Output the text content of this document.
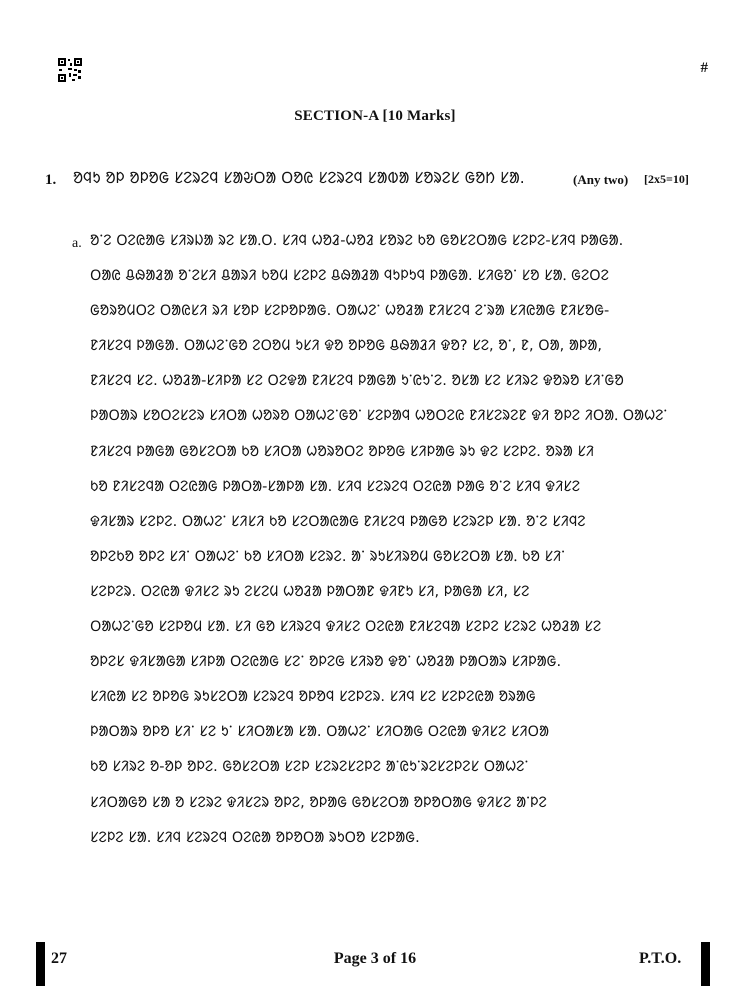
#
SECTION-A [10 Marks]
1. ᱚᱧᱩ ᱚᱞ ᱚᱞᱚᱜ ᱥᱮᱨᱮᱧ ᱥᱟᱶᱛᱟ ᱛᱚᱭ ᱥᱮᱨᱮᱧ ᱥᱟᱵᱟ ᱥᱚᱨᱮᱥ ᱜᱚᱴ ᱥᱟ.	(Any two) [2x5=10]
a. ᱚᱸᱮ ᱛᱮᱭᱟᱜ ᱥᱤᱨᱡᱟ ᱨᱮ ᱥᱟᱹᱛ. ᱥᱤᱧ ᱦᱚᱲ-ᱦᱚᱲ ᱥᱚᱨᱮ ᱠᱚ ᱜᱚᱥᱮᱛᱟᱜ ᱥᱮᱞᱮ-ᱥᱤᱧ ᱞᱟᱜᱟ.
ᱛᱟᱭ ᱪᱷᱟᱲᱟ ᱚᱸᱮᱥᱤ ᱪᱟᱨᱤ ᱠᱚᱢ ᱥᱮᱞᱮ ᱪᱷᱟᱲᱟ ᱧᱩᱞᱩᱧ ᱞᱟᱜᱟ. ᱥᱤᱜᱚᱸ ᱥᱚ ᱥᱟᱹ ᱜᱮᱛᱮ
ᱜᱚᱨᱚᱢᱛᱮ ᱛᱟᱭᱥᱤ ᱨᱤ ᱥᱚᱞ ᱥᱮᱞᱚᱞᱟᱜ. ᱛᱟᱦᱮᱸ ᱦᱚᱲᱟ ᱱᱤᱥᱮᱧ ᱮᱸᱨᱟ ᱥᱤᱭᱟᱜ ᱱᱤᱥᱚᱜ-
ᱱᱤᱥᱮᱧ ᱞᱟᱜᱟ. ᱛᱟᱦᱮᱸᱜᱚ ᱮᱛᱚᱢ ᱩᱥᱤ ᱫᱚ ᱚᱞᱚᱜ ᱪᱷᱟᱲᱤ ᱫᱚ? ᱥᱮ, ᱚᱸ, ᱱ, ᱛᱟ, ᱟᱞᱟ,
ᱱᱤᱥᱮᱧ ᱥᱮ. ᱦᱚᱲᱟ-ᱥᱤᱞᱟ ᱥᱮ ᱛᱮᱫᱟ ᱱᱤᱥᱮᱧ ᱞᱟᱜᱟ ᱩᱸᱭᱩᱸᱮ. ᱚᱥᱟ ᱥᱮ ᱥᱤᱨᱮ ᱫᱚᱨᱚ ᱥᱤᱸᱜᱚ
ᱞᱟᱛᱟᱨ ᱥᱚᱛᱮᱥᱮᱨ ᱥᱤᱛᱟ ᱦᱚᱨᱚ ᱛᱟᱦᱮᱸᱜᱚᱸ ᱥᱮᱞᱟᱧ ᱦᱚᱛᱮᱭ ᱱᱤᱥᱮᱨᱮᱱ ᱫᱤ ᱚᱞᱮ ᱤᱛᱟᱹ ᱛᱟᱦᱮᱸ
ᱱᱤᱥᱮᱧ ᱞᱟᱜᱟ ᱜᱚᱥᱮᱛᱟ ᱠᱚ ᱥᱤᱛᱟ ᱦᱚᱨᱚᱛᱮ ᱚᱞᱚᱜ ᱥᱤᱞᱟᱜ ᱨᱩ ᱫᱮ ᱥᱮᱞᱮ. ᱚᱨᱟ ᱥᱤ
ᱠᱚ ᱱᱤᱥᱮᱧᱟ ᱛᱮᱭᱟᱜ ᱞᱟᱛᱟ-ᱥᱟᱞᱟ ᱥᱟ. ᱥᱤᱧ ᱥᱮᱨᱮᱧ ᱛᱮᱭᱟ ᱞᱟᱜ ᱚᱸᱮ ᱥᱤᱧ ᱫᱤᱥᱮ
ᱫᱤᱥᱟᱨ ᱥᱮᱞᱮ. ᱛᱟᱦᱮᱸ ᱥᱤᱥᱤ ᱠᱚ ᱥᱮᱛᱟᱭᱟᱜ ᱱᱤᱥᱮᱧ ᱞᱟᱜᱚ ᱥᱮᱨᱮᱞ ᱥᱟ. ᱚᱸᱮ ᱥᱤᱧᱮ
ᱚᱞᱮᱠᱚ ᱚᱞᱮ ᱥᱤᱸ ᱛᱟᱦᱮᱸ ᱠᱚ ᱥᱤᱛᱟ ᱥᱮᱨᱮ. ᱟᱸ ᱨᱩᱥᱤᱨᱚᱢ ᱜᱚᱥᱮᱛᱟ ᱥᱟᱹ ᱠᱚ ᱥᱤᱸ
ᱥᱮᱞᱮᱨ. ᱛᱮᱭᱟ ᱫᱤᱥᱮ ᱨᱩ ᱮᱥᱮᱢ ᱦᱚᱲᱟ ᱞᱟᱛᱟᱱ ᱫᱤᱱᱩ ᱥᱤ, ᱞᱟᱜᱟ ᱥᱤ, ᱥᱮ
ᱛᱟᱦᱮᱸᱜᱚ ᱥᱮᱞᱚᱢ ᱥᱟ. ᱥᱤ ᱜᱚ ᱥᱤᱨᱮᱧ ᱫᱤᱥᱮ ᱛᱮᱭᱟ ᱱᱤᱥᱮᱧᱟ ᱥᱮᱞᱮ ᱥᱮᱨᱮ ᱦᱚᱲᱟ ᱥᱮ
ᱚᱞᱮᱥ ᱫᱤᱥᱟᱜᱟ ᱥᱤᱞᱟ ᱛᱮᱭᱟᱜ ᱥᱮᱸ ᱚᱞᱮᱜ ᱥᱤᱨᱚ ᱫᱚᱸ ᱦᱚᱲᱟ ᱞᱟᱛᱟᱨ ᱥᱤᱞᱟᱜ.
ᱥᱤᱭᱟ ᱥᱮ ᱚᱞᱚᱜ ᱨᱩᱥᱮᱛᱟ ᱥᱮᱨᱮᱧ ᱚᱞᱚᱧ ᱥᱮᱞᱮᱨ. ᱥᱤᱧ ᱥᱮ ᱥᱮᱞᱮᱭᱟ ᱚᱨᱟᱜ
ᱞᱟᱛᱟᱨ ᱚᱞᱚ ᱥᱤᱸ ᱥᱮ ᱩᱸ ᱥᱤᱛᱟᱥᱟ ᱥᱟ. ᱛᱟᱦᱮᱸ ᱥᱤᱛᱟᱜ ᱛᱮᱭᱟ ᱫᱤᱥᱮ ᱥᱤᱛᱟ
ᱠᱚ ᱥᱤᱨᱮ ᱚ-ᱚᱞ ᱚᱞᱮ. ᱜᱚᱥᱮᱛᱟ ᱥᱮᱞ ᱥᱮᱨᱮᱥᱮᱞᱮ ᱟᱸᱭᱩᱸᱨᱮᱥᱮᱞᱮᱥ ᱛᱟᱦᱮᱸ
ᱥᱤᱛᱟᱜᱚ ᱥᱟ ᱚ ᱥᱮᱨᱮ ᱫᱤᱥᱮᱨ ᱚᱞᱮ, ᱚᱞᱟᱜ ᱜᱚᱥᱮᱛᱟ ᱚᱞᱚᱛᱟᱜ ᱫᱤᱥᱮ ᱟᱸᱞᱮ
ᱥᱮᱞᱮ ᱥᱟ. ᱥᱤᱧ ᱥᱮᱨᱮᱧ ᱛᱮᱭᱟ ᱚᱞᱚᱛᱟ ᱨᱩᱛᱚ ᱥᱮᱞᱟᱜ.
27	Page 3 of 16	P.T.O.
